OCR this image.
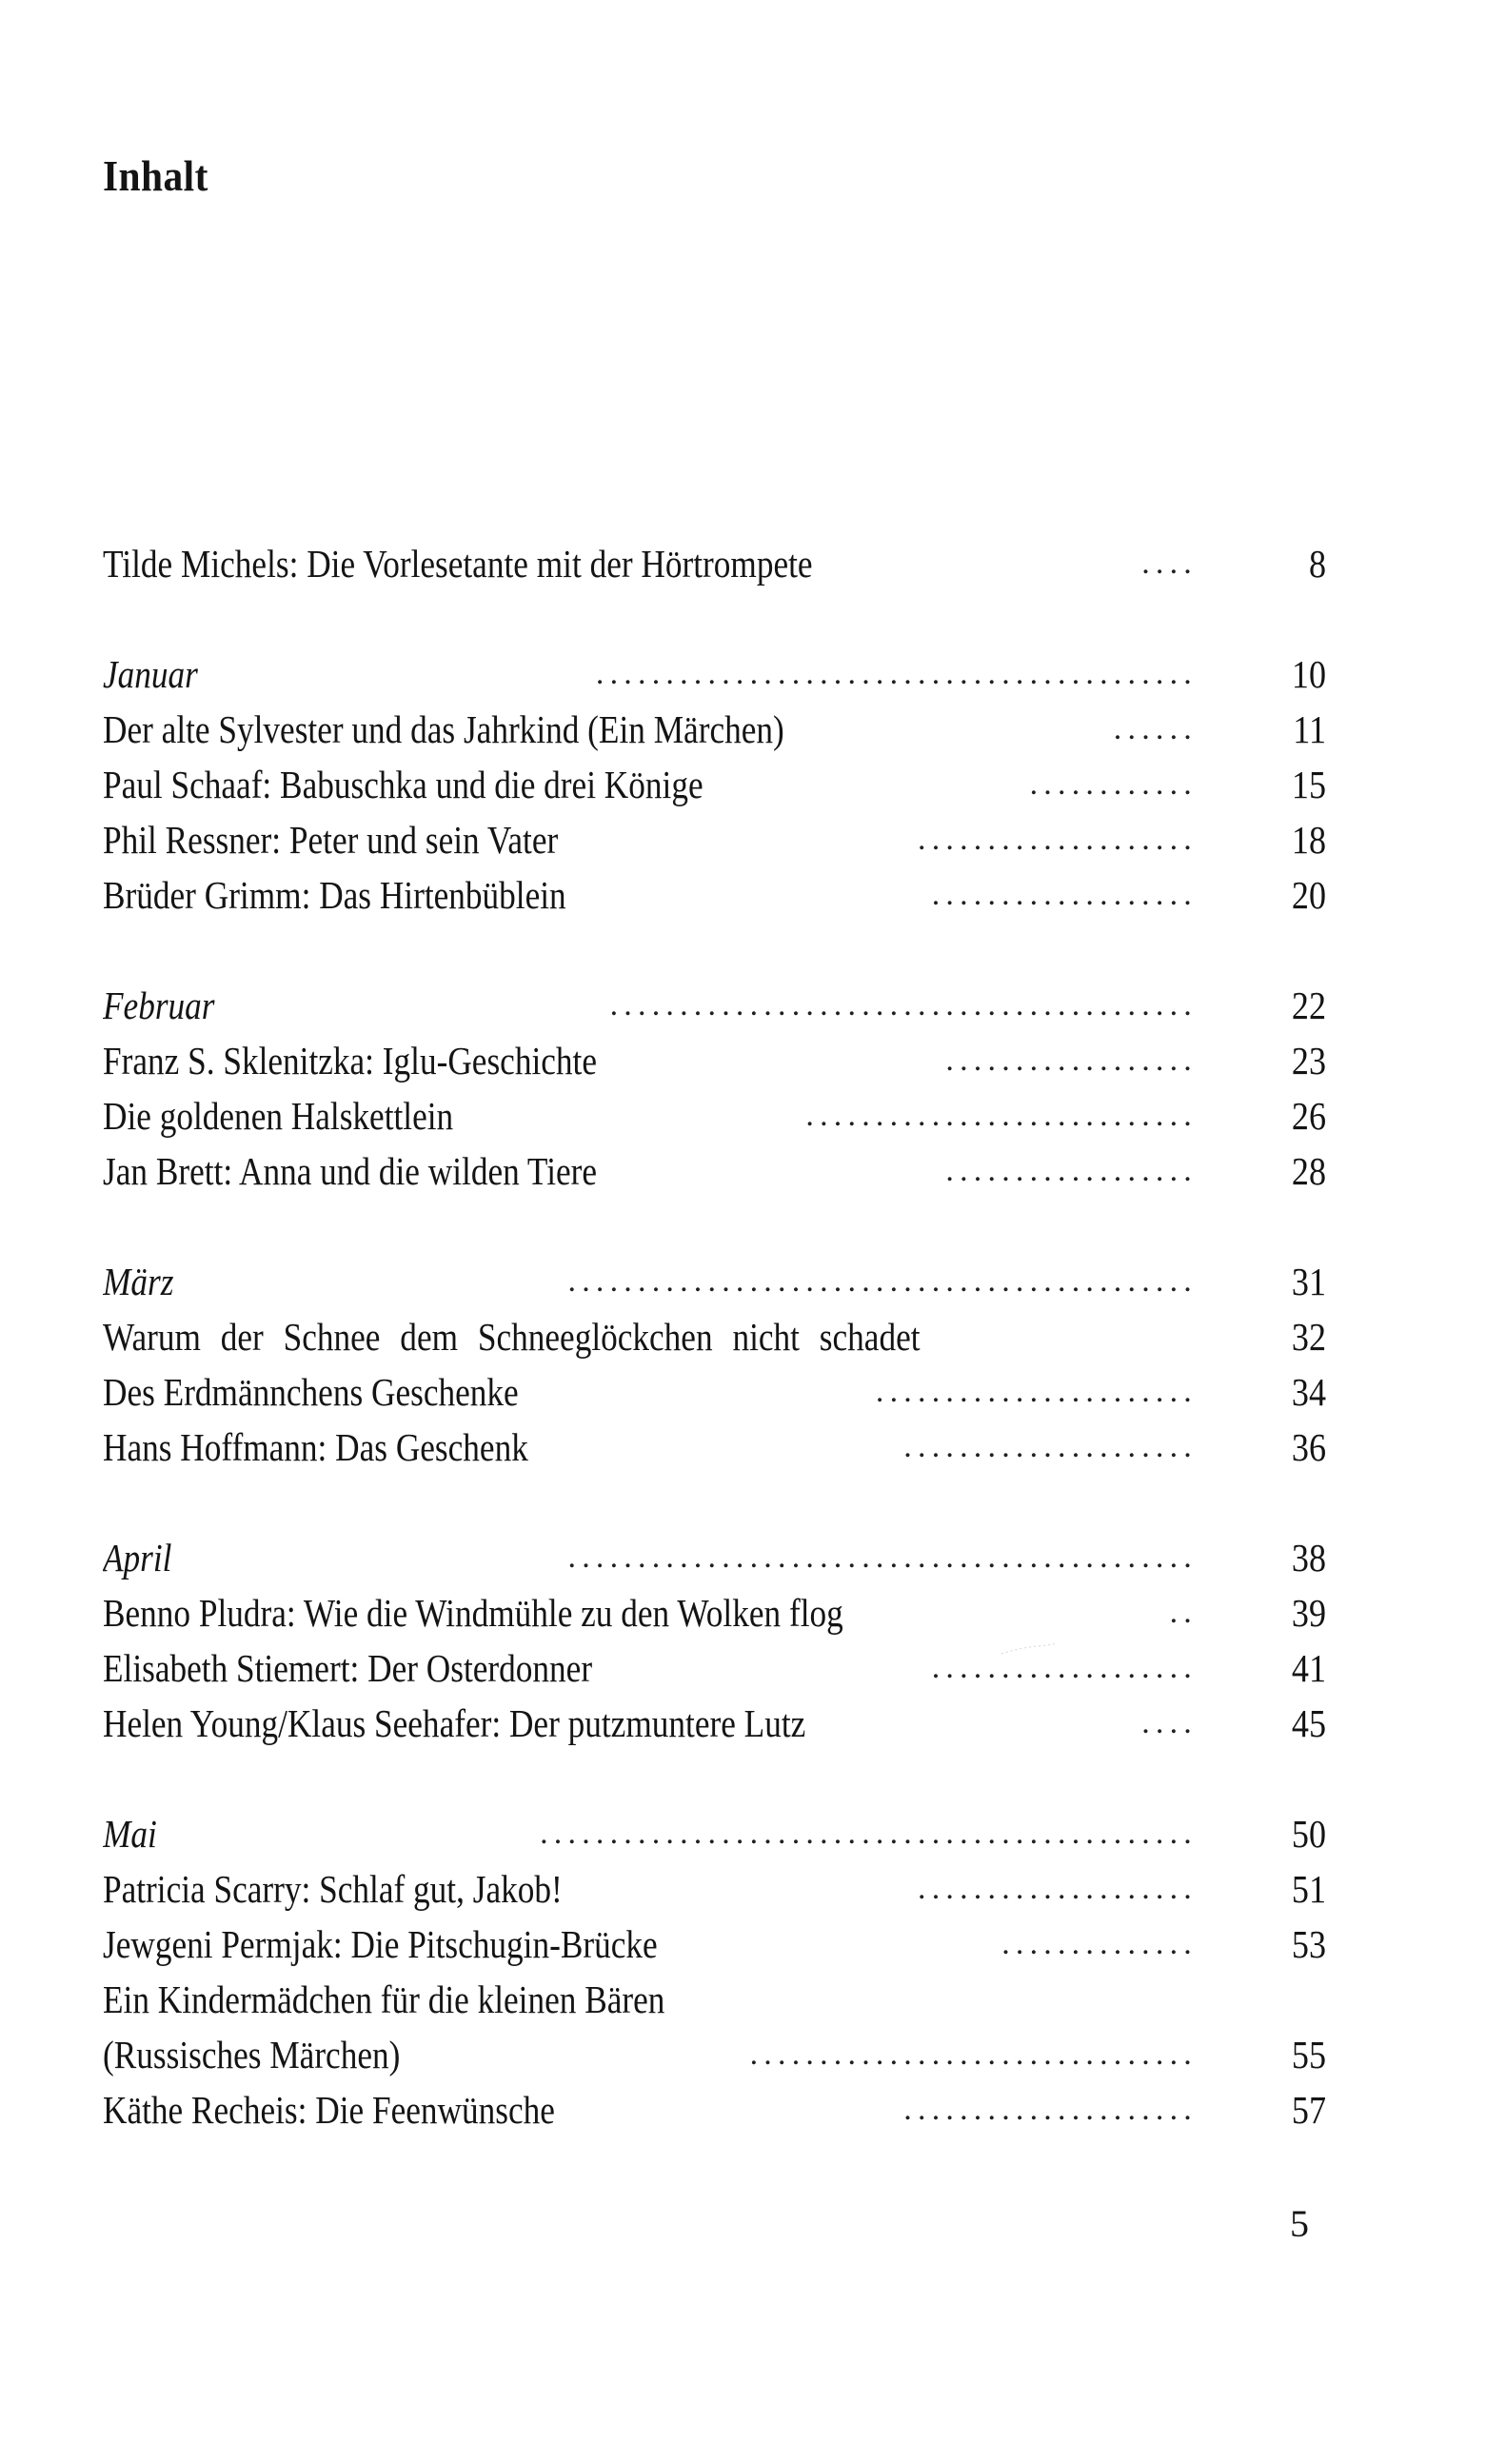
Inhalt
Tilde Michels: Die Vorlesetante mit der Hörtrompete	....	8
Januar	...........................................	10
Der alte Sylvester und das Jahrkind (Ein Märchen)	......	11
Paul Schaaf: Babuschka und die drei Könige	............	15
Phil Ressner: Peter und sein Vater	....................	18
Brüder Grimm: Das Hirtenbüblein	...................	20
Februar	..........................................	22
Franz S. Sklenitzka: Iglu-Geschichte	..................	23
Die goldenen Halskettlein	............................	26
Jan Brett: Anna und die wilden Tiere	..................	28
März	.............................................	31
Warum der Schnee dem Schneeglöckchen nicht schadet	32
Des Erdmännchens Geschenke	.......................	34
Hans Hoffmann: Das Geschenk	.....................	36
April	.............................................	38
Benno Pludra: Wie die Windmühle zu den Wolken flog	..	39
Elisabeth Stiemert: Der Osterdonner	...................	41
Helen Young/Klaus Seehafer: Der putzmuntere Lutz	....	45
Mai	...............................................	50
Patricia Scarry: Schlaf gut, Jakob!	....................	51
Jewgeni Permjak: Die Pitschugin-Brücke	..............	53
Ein Kindermädchen für die kleinen Bären
(Russisches Märchen)	................................	55
Käthe Recheis: Die Feenwünsche	.....................	57
5
